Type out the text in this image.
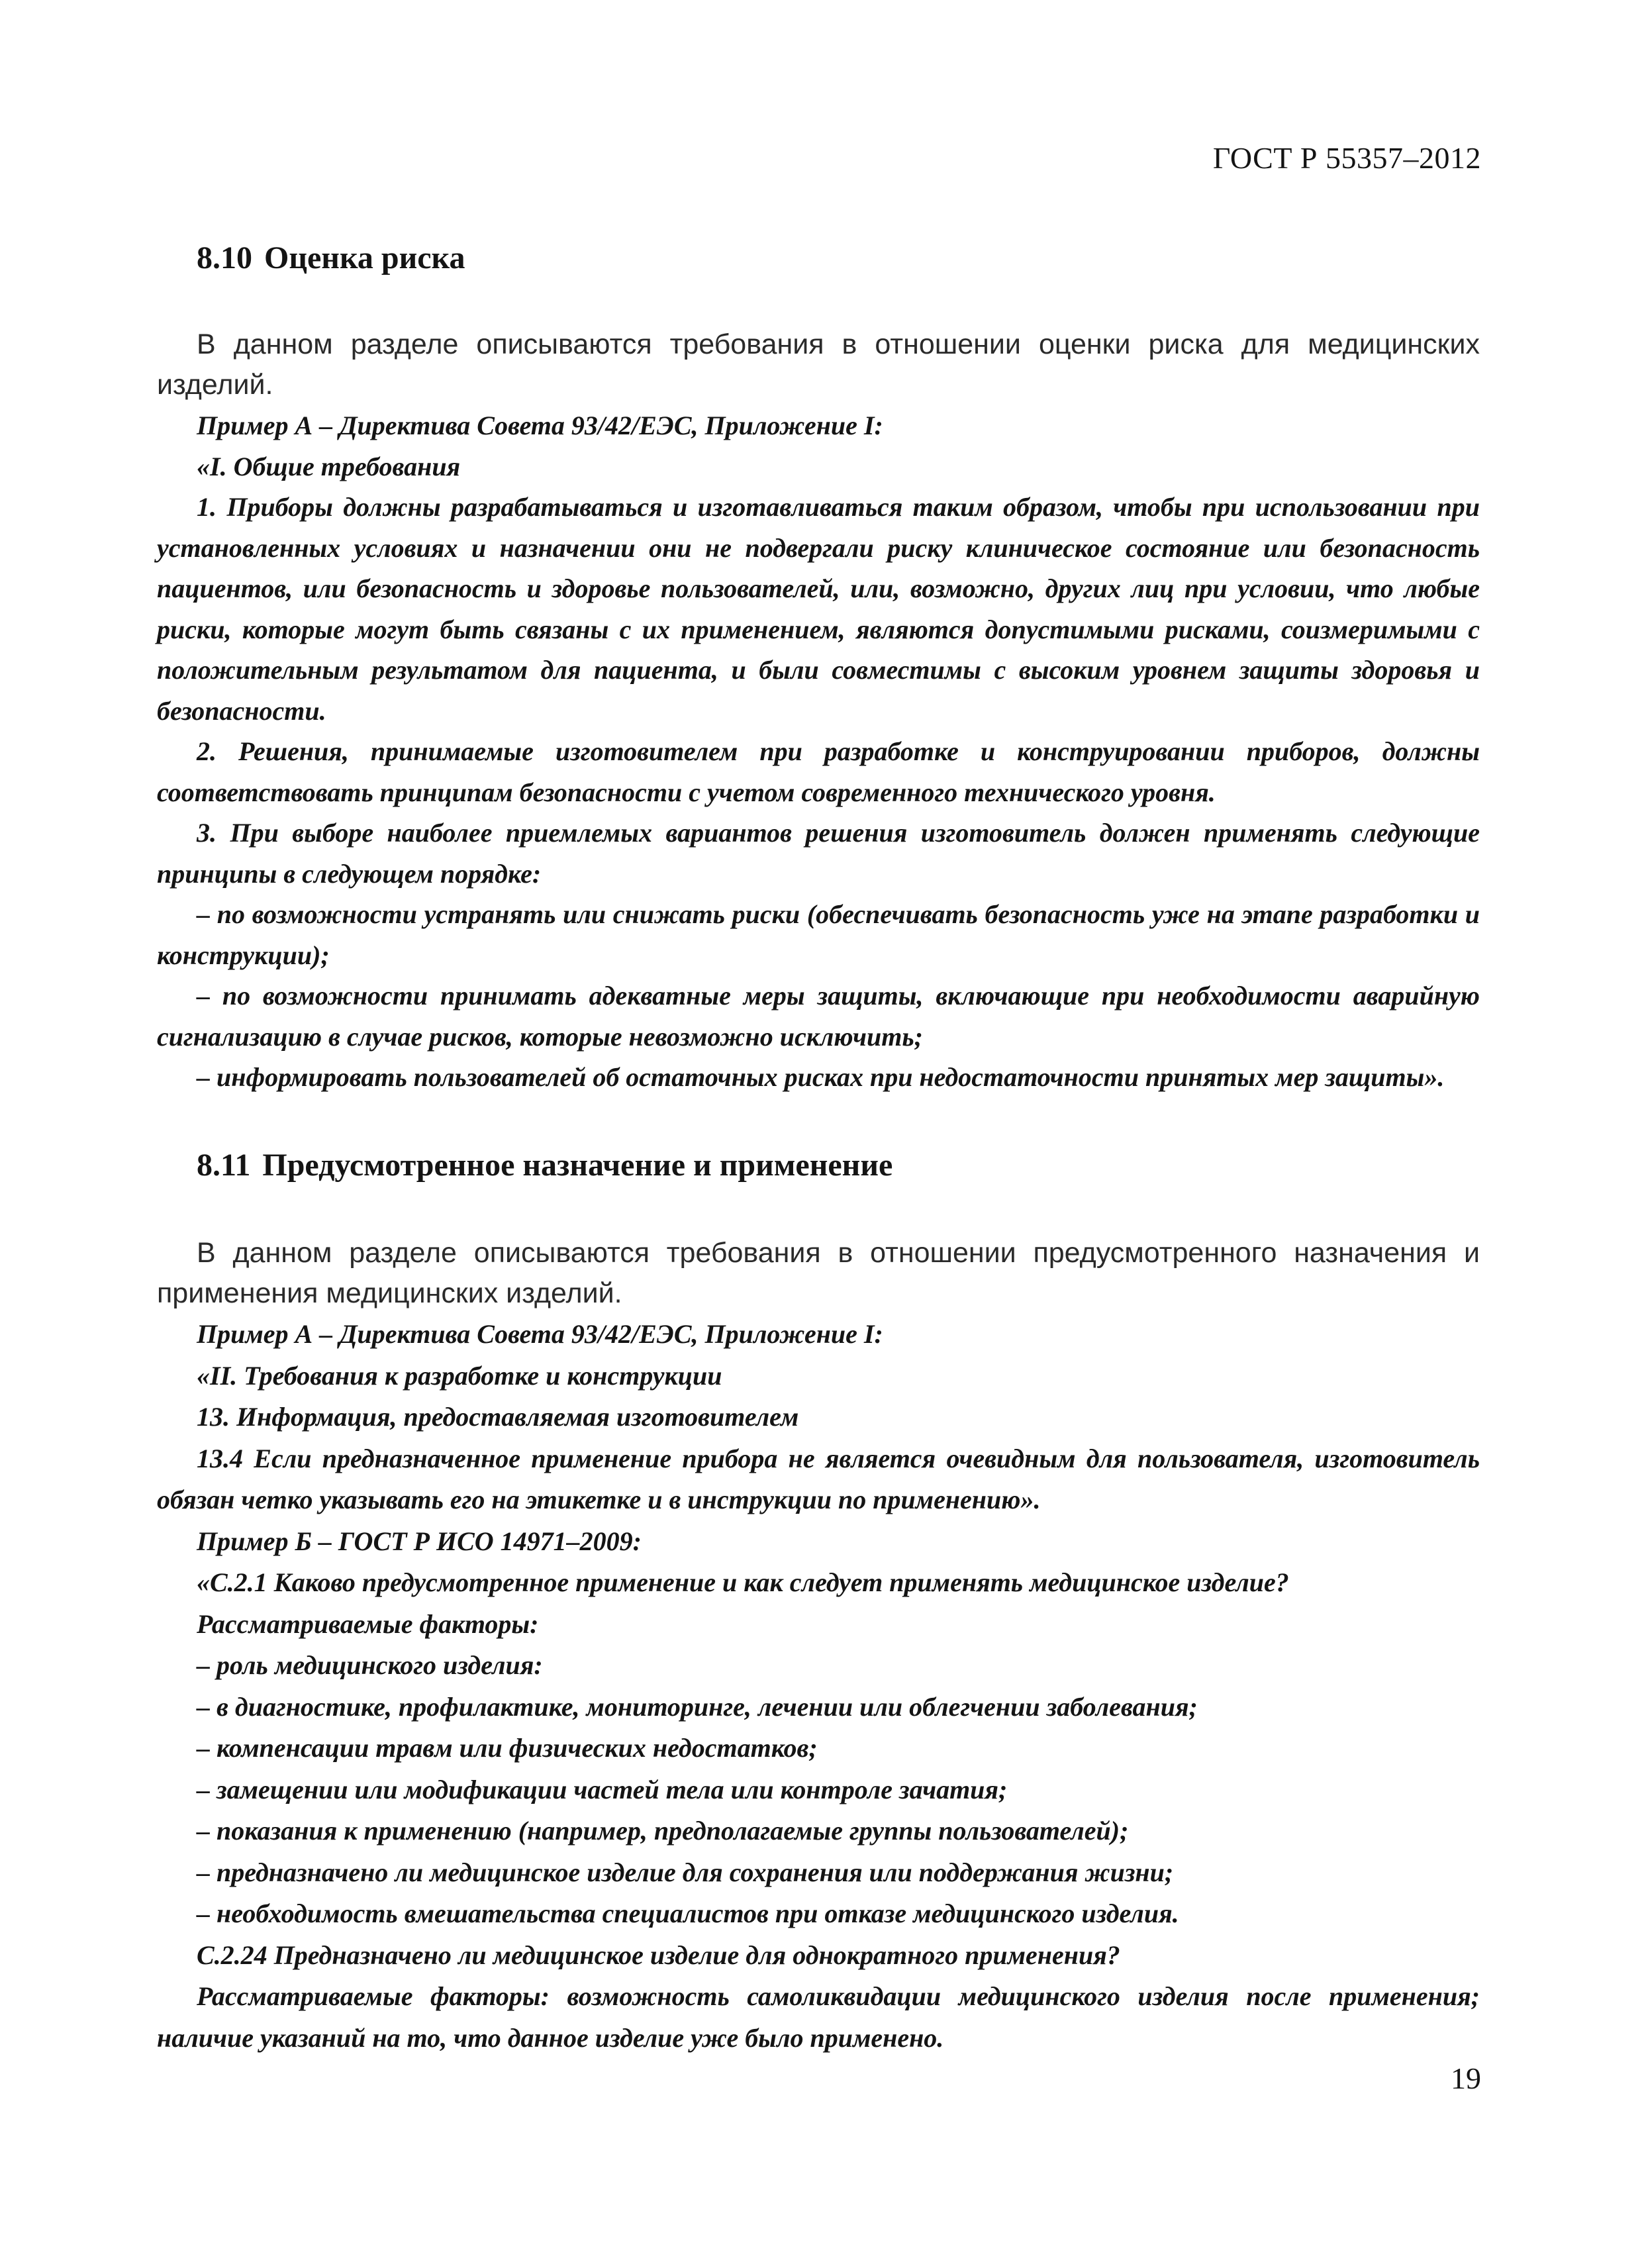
ГОСТ Р 55357–2012
8.10 Оценка риска

В данном разделе описываются требования в отношении оценки риска для медицинских изделий.

Пример А – Директива Совета 93/42/ЕЭС, Приложение I:

«I. Общие требования

1. Приборы должны разрабатываться и изготавливаться таким образом, чтобы при использовании при установленных условиях и назначении они не подвергали риску клиническое состояние или безопасность пациентов, или безопасность и здоровье пользователей, или, возможно, других лиц при условии, что любые риски, которые могут быть связаны с их применением, являются допустимыми рисками, соизмеримыми с положительным результатом для пациента, и были совместимы с высоким уровнем защиты здоровья и безопасности.

2. Решения, принимаемые изготовителем при разработке и конструировании приборов, должны соответствовать принципам безопасности с учетом современного технического уровня.

3. При выборе наиболее приемлемых вариантов решения изготовитель должен применять следующие принципы в следующем порядке:

– по возможности устранять или снижать риски (обеспечивать безопасность уже на этапе разработки и конструкции);

– по возможности принимать адекватные меры защиты, включающие при необходимости аварийную сигнализацию в случае рисков, которые невозможно исключить;

– информировать пользователей об остаточных рисках при недостаточности принятых мер защиты».

8.11 Предусмотренное назначение и применение

В данном разделе описываются требования в отношении предусмотренного назначения и применения медицинских изделий.

Пример А – Директива Совета 93/42/ЕЭС, Приложение I:

«II. Требования к разработке и конструкции

13. Информация, предоставляемая изготовителем

13.4 Если предназначенное применение прибора не является очевидным для пользователя, изготовитель обязан четко указывать его на этикетке и в инструкции по применению».

Пример Б – ГОСТ Р ИСО 14971–2009:

«С.2.1 Каково предусмотренное применение и как следует применять медицинское изделие?

Рассматриваемые факторы:

– роль медицинского изделия:

– в диагностике, профилактике, мониторинге, лечении или облегчении заболевания;

– компенсации травм или физических недостатков;

– замещении или модификации частей тела или контроле зачатия;

– показания к применению (например, предполагаемые группы пользователей);

– предназначено ли медицинское изделие для сохранения или поддержания жизни;

– необходимость вмешательства специалистов при отказе медицинского изделия.

С.2.24 Предназначено ли медицинское изделие для однократного применения?

Рассматриваемые факторы: возможность самоликвидации медицинского изделия после применения; наличие указаний на то, что данное изделие уже было применено.

19
